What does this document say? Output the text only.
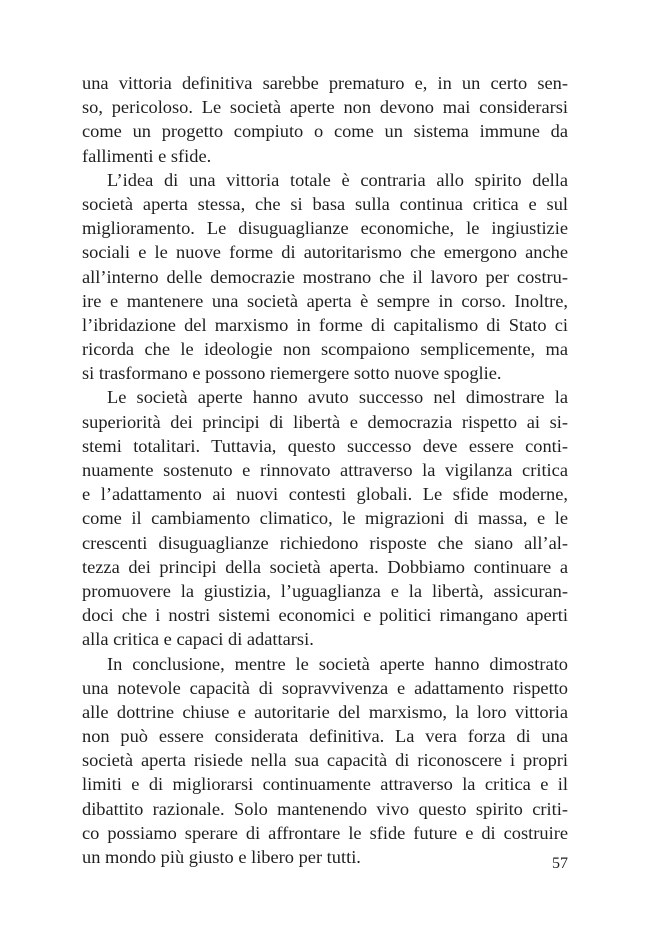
una vittoria definitiva sarebbe prematuro e, in un certo sen-
so, pericoloso. Le società aperte non devono mai considerarsi
come un progetto compiuto o come un sistema immune da
fallimenti e sfide.
L’idea di una vittoria totale è contraria allo spirito della
società aperta stessa, che si basa sulla continua critica e sul
miglioramento. Le disuguaglianze economiche, le ingiustizie
sociali e le nuove forme di autoritarismo che emergono anche
all’interno delle democrazie mostrano che il lavoro per costru-
ire e mantenere una società aperta è sempre in corso. Inoltre,
l’ibridazione del marxismo in forme di capitalismo di Stato ci
ricorda che le ideologie non scompaiono semplicemente, ma
si trasformano e possono riemergere sotto nuove spoglie.
Le società aperte hanno avuto successo nel dimostrare la
superiorità dei principi di libertà e democrazia rispetto ai si-
stemi totalitari. Tuttavia, questo successo deve essere conti-
nuamente sostenuto e rinnovato attraverso la vigilanza critica
e l’adattamento ai nuovi contesti globali. Le sfide moderne,
come il cambiamento climatico, le migrazioni di massa, e le
crescenti disuguaglianze richiedono risposte che siano all’al-
tezza dei principi della società aperta. Dobbiamo continuare a
promuovere la giustizia, l’uguaglianza e la libertà, assicuran-
doci che i nostri sistemi economici e politici rimangano aperti
alla critica e capaci di adattarsi.
In conclusione, mentre le società aperte hanno dimostrato
una notevole capacità di sopravvivenza e adattamento rispetto
alle dottrine chiuse e autoritarie del marxismo, la loro vittoria
non può essere considerata definitiva. La vera forza di una
società aperta risiede nella sua capacità di riconoscere i propri
limiti e di migliorarsi continuamente attraverso la critica e il
dibattito razionale. Solo mantenendo vivo questo spirito criti-
co possiamo sperare di affrontare le sfide future e di costruire
un mondo più giusto e libero per tutti.	57
